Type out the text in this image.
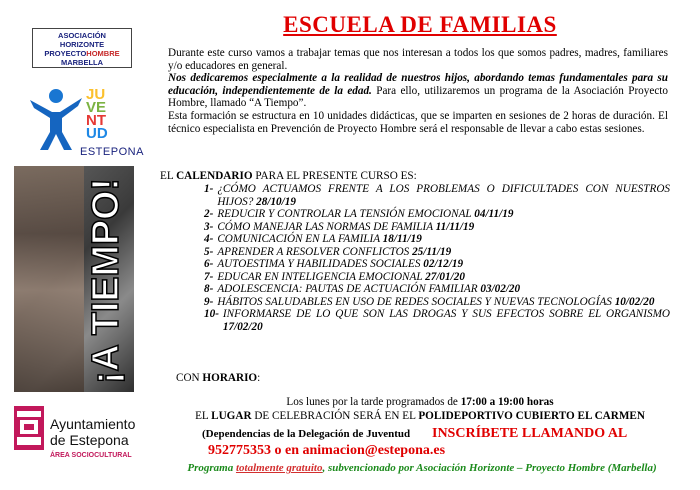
ASOCIACIÓN
HORIZONTE
PROYECTOHOMBRE
MARBELLA
JU
VE
NT
UD
ESTEPONA
¡A TIEMPO!
Ayuntamiento
de Estepona
ÁREA SOCIOCULTURAL
ESCUELA DE FAMILIAS

Durante este curso vamos a trabajar temas que nos interesan a todos los que somos padres, madres, familiares y/o educadores en general.

Nos dedicaremos especialmente a la realidad de nuestros hijos, abordando temas fundamentales para su educación, independientemente de la edad. Para ello, utilizaremos un programa de la Asociación Proyecto Hombre, llamado “A Tiempo”.

Esta formación se estructura en 10 unidades didácticas, que se imparten en sesiones de 2 horas de duración. El técnico especialista en Prevención de Proyecto Hombre será el responsable de llevar a cabo estas sesiones.

EL CALENDARIO PARA EL PRESENTE CURSO ES:
1- ¿CÓMO ACTUAMOS FRENTE A LOS PROBLEMAS O DIFICULTADES CON NUESTROS HIJOS? 28/10/19
2- REDUCIR Y CONTROLAR LA TENSIÓN EMOCIONAL 04/11/19
3- CÓMO MANEJAR LAS NORMAS DE FAMILIA 11/11/19
4- COMUNICACIÓN EN LA FAMILIA 18/11/19
5- APRENDER A RESOLVER CONFLICTOS 25/11/19
6- AUTOESTIMA Y HABILIDADES SOCIALES 02/12/19
7- EDUCAR EN INTELIGENCIA EMOCIONAL 27/01/20
8- ADOLESCENCIA: PAUTAS DE ACTUACIÓN FAMILIAR 03/02/20
9- HÁBITOS SALUDABLES EN USO DE REDES SOCIALES Y NUEVAS TECNOLOGÍAS 10/02/20
10- INFORMARSE DE LO QUE SON LAS DROGAS Y SUS EFECTOS SOBRE EL ORGANISMO 17/02/20
CON HORARIO:
Los lunes por la tarde programados de 17:00 a 19:00 horas
EL LUGAR DE CELEBRACIÓN SERÁ EN EL POLIDEPORTIVO CUBIERTO EL CARMEN
(Dependencias de la Delegación de Juventud INSCRÍBETE LLAMANDO AL
952775353 o en animacion@estepona.es
Programa totalmente gratuito, subvencionado por Asociación Horizonte – Proyecto Hombre (Marbella)
